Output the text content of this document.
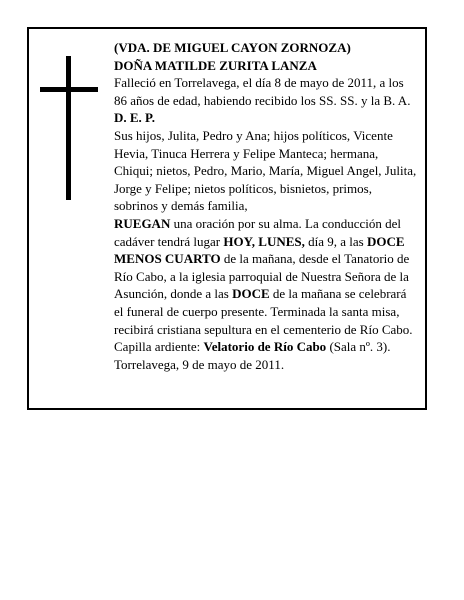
(VDA. DE MIGUEL CAYON ZORNOZA)

DOÑA MATILDE ZURITA LANZA

Falleció en Torrelavega, el día 8 de mayo de 2011, a los 86 años de edad, habiendo recibido los SS. SS. y la B. A.

D. E. P.

Sus hijos, Julita, Pedro y Ana; hijos políticos, Vicente Hevia, Tinuca Herrera y Felipe Manteca; hermana, Chiqui; nietos, Pedro, Mario, María, Miguel Angel, Julita, Jorge y Felipe; nietos políticos, bisnietos, primos, sobrinos y demás familia,

RUEGAN una oración por su alma. La conducción del cadáver tendrá lugar HOY, LUNES, día 9, a las DOCE MENOS CUARTO de la mañana, desde el Tanatorio de Río Cabo, a la iglesia parroquial de Nuestra Señora de la Asunción, donde a las DOCE de la mañana se celebrará el funeral de cuerpo presente. Terminada la santa misa, recibirá cristiana sepultura en el cementerio de Río Cabo.

Capilla ardiente: Velatorio de Río Cabo (Sala nº. 3).

Torrelavega, 9 de mayo de 2011.
